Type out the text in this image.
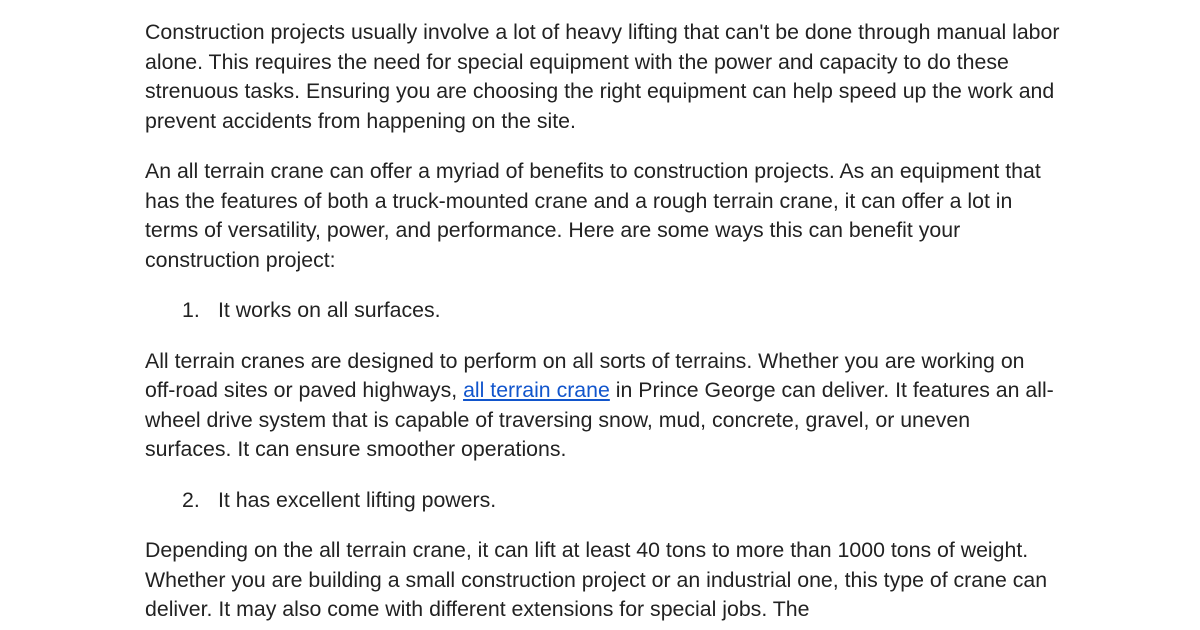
Construction projects usually involve a lot of heavy lifting that can't be done through manual labor alone. This requires the need for special equipment with the power and capacity to do these strenuous tasks. Ensuring you are choosing the right equipment can help speed up the work and prevent accidents from happening on the site.

An all terrain crane can offer a myriad of benefits to construction projects. As an equipment that has the features of both a truck-mounted crane and a rough terrain crane, it can offer a lot in terms of versatility, power, and performance. Here are some ways this can benefit your construction project:

1. It works on all surfaces.

All terrain cranes are designed to perform on all sorts of terrains. Whether you are working on off-road sites or paved highways, all terrain crane in Prince George can deliver. It features an all-wheel drive system that is capable of traversing snow, mud, concrete, gravel, or uneven surfaces. It can ensure smoother operations.

2. It has excellent lifting powers.

Depending on the all terrain crane, it can lift at least 40 tons to more than 1000 tons of weight. Whether you are building a small construction project or an industrial one, this type of crane can deliver. It may also come with different extensions for special jobs. The
